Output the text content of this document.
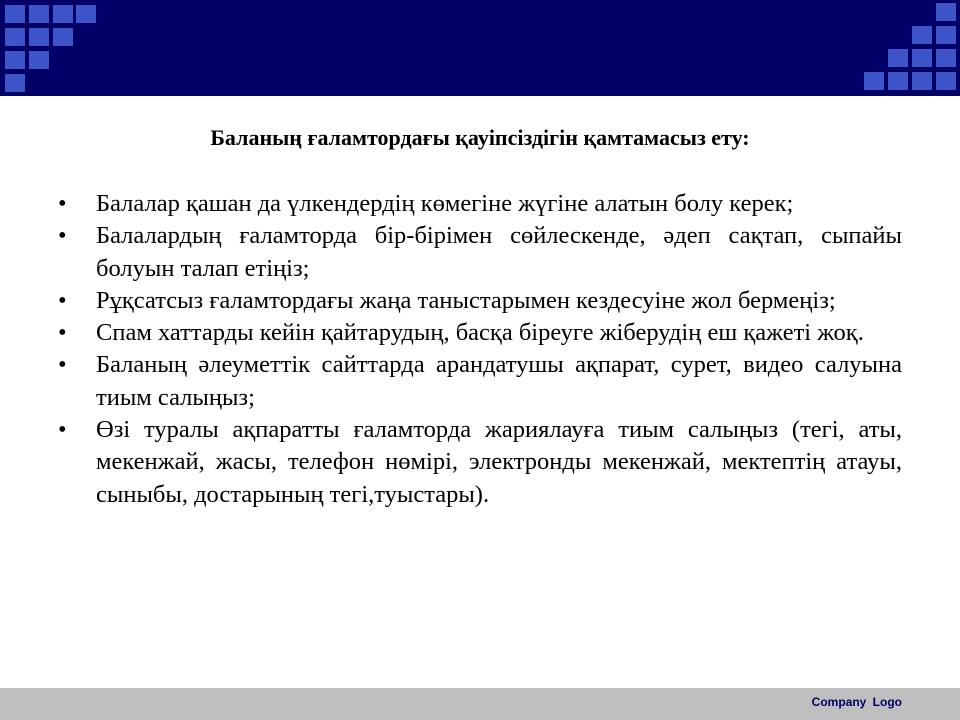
Баланың ғаламтордағы қауіпсіздігін қамтамасыз ету:
• Балалар қашан да үлкендердің көмегіне жүгіне алатын болу керек;
• Балалардың ғаламторда бір-бірімен сөйлескенде, әдеп сақтап, сыпайы болуын талап етіңіз;
• Рұқсатсыз ғаламтордағы жаңа таныстарымен кездесуіне жол бермеңіз;
• Спам хаттарды кейін қайтарудың, басқа біреуге жіберудің еш қажеті жоқ.
• Баланың әлеуметтік сайттарда арандатушы ақпарат, сурет, видео салуына тиым салыңыз;
• Өзі туралы ақпаратты ғаламторда жариялауға тиым салыңыз (тегі, аты, мекенжай, жасы, телефон нөмірі, электронды мекенжай, мектептің атауы, сыныбы, достарының тегі,туыстары).
Company Logo
